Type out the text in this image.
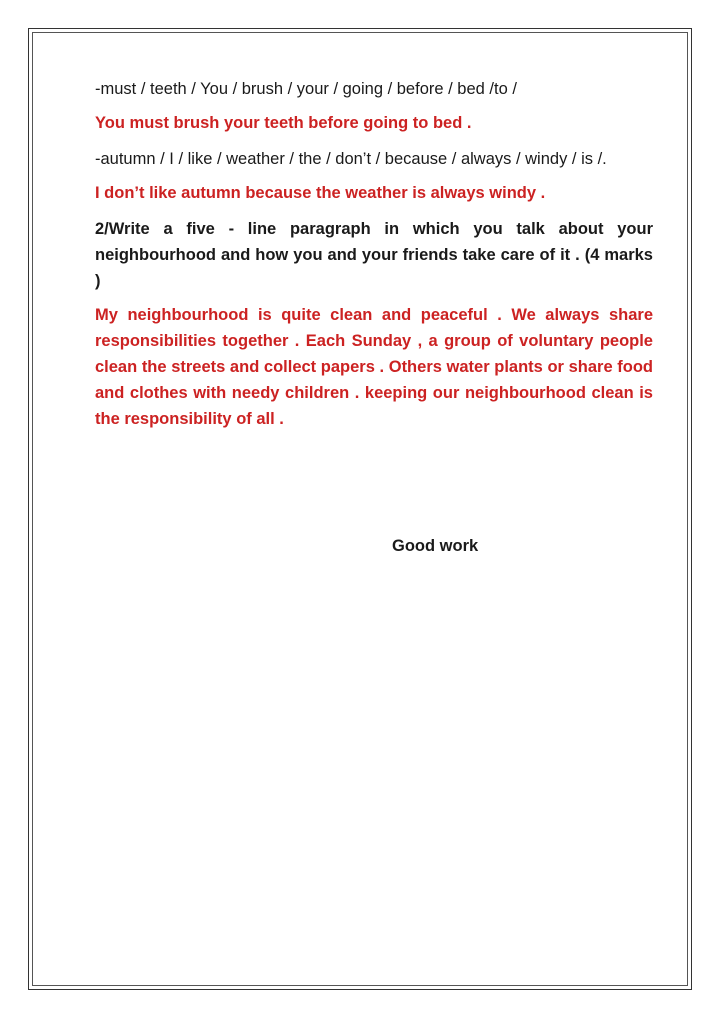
-must / teeth / You / brush / your / going / before / bed /to /

You must brush your teeth before going to bed .

-autumn / I / like / weather / the / don’t / because / always / windy / is /.

I don’t like autumn because the weather is always windy .

2/Write a five - line paragraph in which you talk about your neighbourhood and how you and your friends take care of it . (4 marks )

My neighbourhood is quite clean and peaceful . We always share responsibilities together . Each Sunday , a group of voluntary people clean the streets and collect papers . Others water plants or share food and clothes with needy children . keeping our neighbourhood clean is the responsibility of all .

Good work
